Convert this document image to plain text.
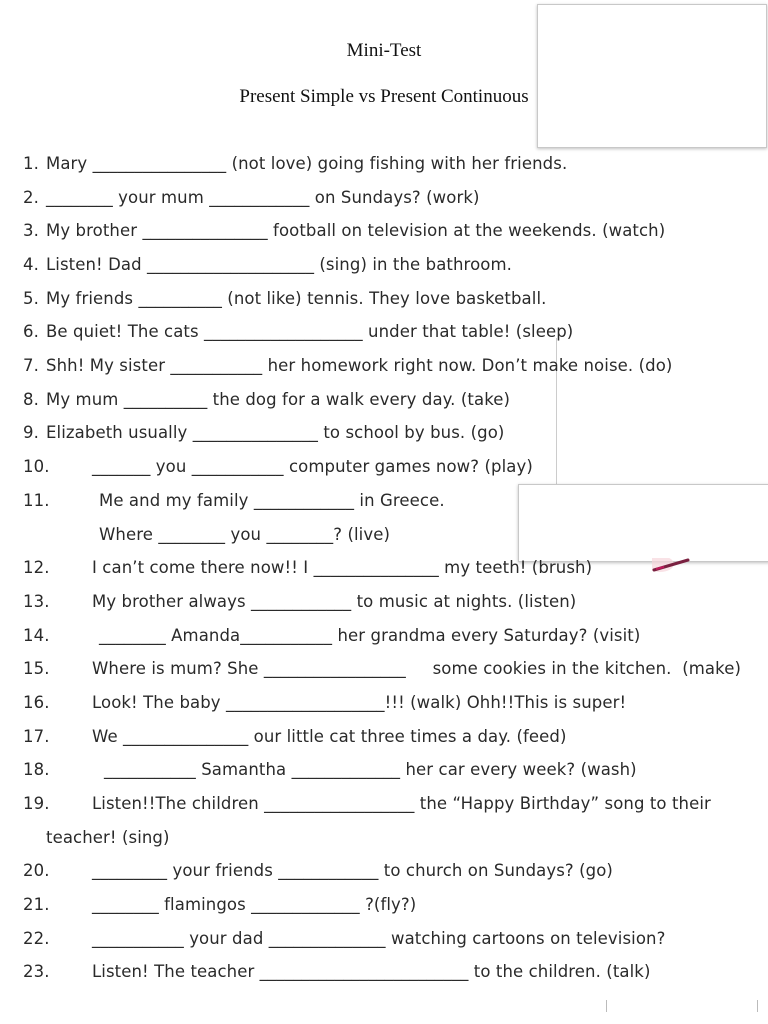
Mini-Test
Present Simple vs Present Continuous
1. Mary ________________ (not love) going fishing with her friends.
2. ________ your mum ____________ on Sundays? (work)
3. My brother _______________ football on television at the weekends. (watch)
4. Listen! Dad ____________________ (sing) in the bathroom.
5. My friends __________ (not like) tennis. They love basketball.
6. Be quiet! The cats ___________________ under that table! (sleep)
7. Shh! My sister ___________ her homework right now. Don’t make noise. (do)
8. My mum __________ the dog for a walk every day. (take)
9. Elizabeth usually _______________ to school by bus. (go)
10.	_______ you ___________ computer games now? (play)
11.	Me and my family ____________ in Greece.
Where ________ you ________? (live)
12.	I can’t come there now!! I _______________ my teeth! (brush)
13.	My brother always ____________ to music at nights. (listen)
14.	________ Amanda___________ her grandma every Saturday? (visit)
15.	Where is mum? She _________________     some cookies in the kitchen.  (make)
16.	Look! The baby ___________________!!! (walk) Ohh!!This is super!
17.	We _______________ our little cat three times a day. (feed)
18.	___________ Samantha _____________ her car every week? (wash)
19.	Listen!!The children __________________ the “Happy Birthday” song to their
teacher! (sing)
20.	_________ your friends ____________ to church on Sundays? (go)
21.	________ flamingos _____________ ?(fly?)
22.	___________ your dad ______________ watching cartoons on television?
23.	Listen! The teacher _________________________ to the children. (talk)
